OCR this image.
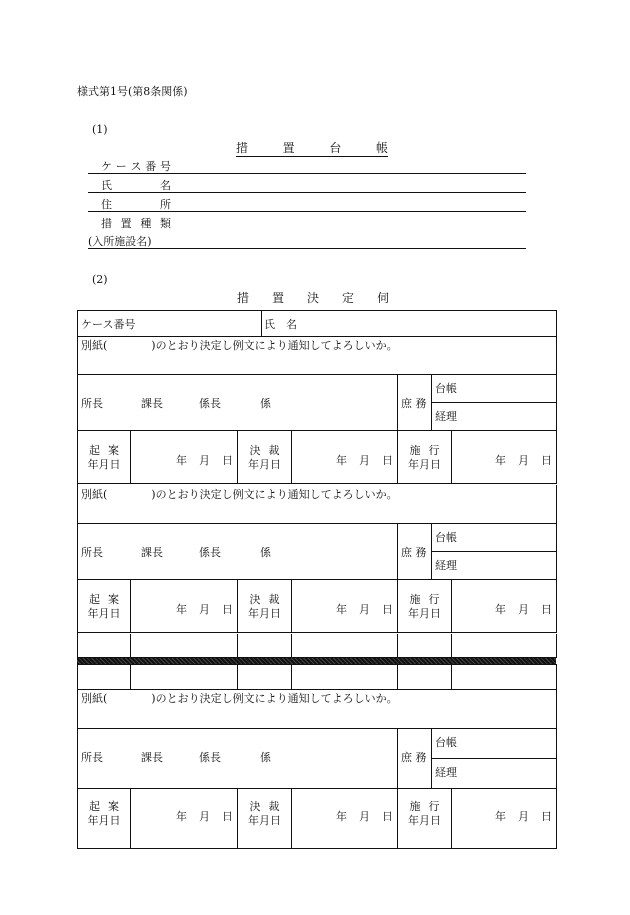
様式第1号(第8条関係)
(1)
措	置	台	帳
ケ ー ス 番 号
氏	名
住	所
措 置 種 類
(入所施設名)
(2)
措 置 決 定 伺
ケース番号	氏　名
別紙(　　　　)のとおり決定し例文により通知してよろしいか。
所長	課長	係長	係	庶 務
台帳
経理
起 案
年月日	年 月 日
決 裁
年月日	年 月 日
施 行
年月日	年 月 日
別紙(　　　　)のとおり決定し例文により通知してよろしいか。
所長	課長	係長	係	庶 務
台帳
経理
起 案
年月日	年 月 日
決 裁
年月日	年 月 日
施 行
年月日	年 月 日
別紙(　　　　)のとおり決定し例文により通知してよろしいか。
所長	課長	係長	係	庶 務
台帳
経理
起 案
年月日	年 月 日
決 裁
年月日	年 月 日
施 行
年月日	年 月 日
